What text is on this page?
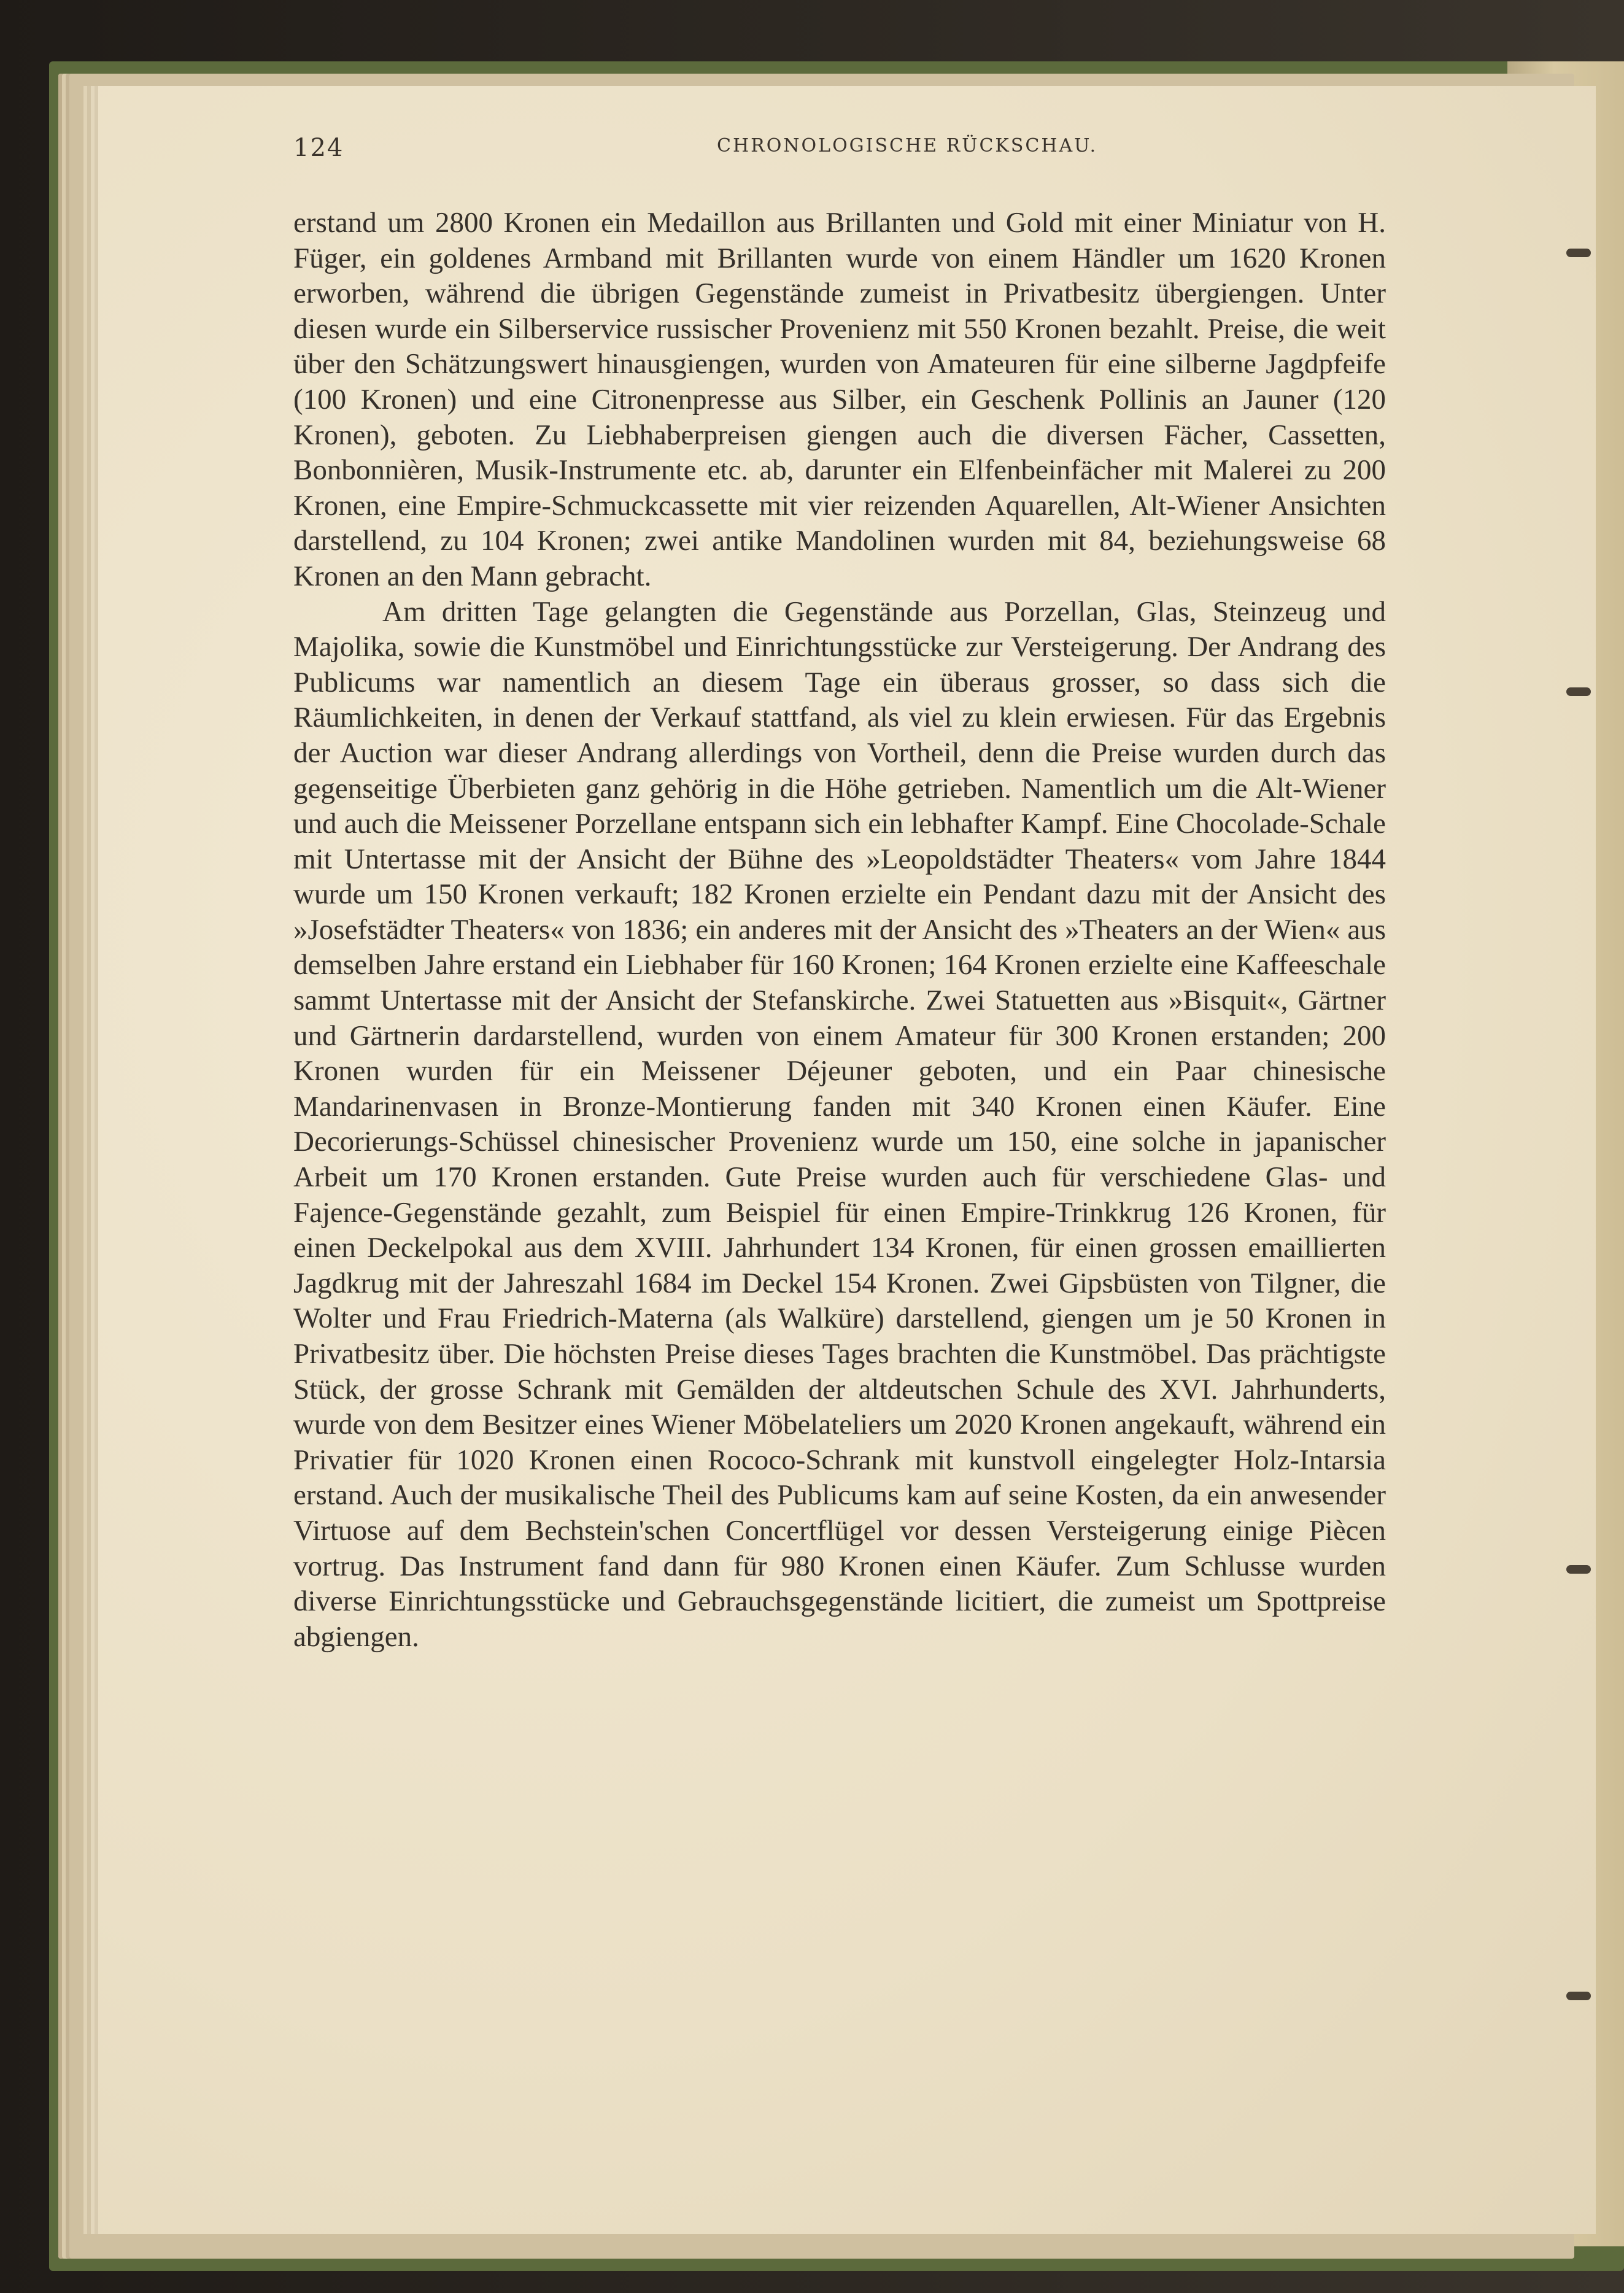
124	CHRONOLOGISCHE RÜCKSCHAU.

erstand um 2800 Kronen ein Medaillon aus Brillanten und Gold mit einer Miniatur von H. Füger, ein goldenes Armband mit Brillanten wurde von einem Händler um 1620 Kronen erworben, während die übrigen Gegenstände zumeist in Privatbesitz übergiengen. Unter diesen wurde ein Silberservice russischer Provenienz mit 550 Kronen bezahlt. Preise, die weit über den Schätzungswert hinausgiengen, wurden von Amateuren für eine silberne Jagdpfeife (100 Kronen) und eine Citronenpresse aus Silber, ein Geschenk Pollinis an Jauner (120 Kronen), geboten. Zu Liebhaberpreisen giengen auch die diversen Fächer, Cassetten, Bonbonnièren, Musik-Instrumente etc. ab, darunter ein Elfenbeinfächer mit Malerei zu 200 Kronen, eine Empire-Schmuckcassette mit vier reizenden Aquarellen, Alt-Wiener Ansichten darstellend, zu 104 Kronen; zwei antike Mandolinen wurden mit 84, beziehungsweise 68 Kronen an den Mann gebracht.

Am dritten Tage gelangten die Gegenstände aus Porzellan, Glas, Steinzeug und Majolika, sowie die Kunstmöbel und Einrichtungsstücke zur Versteigerung. Der Andrang des Publicums war namentlich an diesem Tage ein überaus grosser, so dass sich die Räumlichkeiten, in denen der Verkauf stattfand, als viel zu klein erwiesen. Für das Ergebnis der Auction war dieser Andrang allerdings von Vortheil, denn die Preise wurden durch das gegenseitige Überbieten ganz gehörig in die Höhe getrieben. Namentlich um die Alt-Wiener und auch die Meissener Porzellane entspann sich ein lebhafter Kampf. Eine Chocolade-Schale mit Untertasse mit der Ansicht der Bühne des »Leopoldstädter Theaters« vom Jahre 1844 wurde um 150 Kronen verkauft; 182 Kronen erzielte ein Pendant dazu mit der Ansicht des »Josefstädter Theaters« von 1836; ein anderes mit der Ansicht des »Theaters an der Wien« aus demselben Jahre erstand ein Liebhaber für 160 Kronen; 164 Kronen erzielte eine Kaffeeschale sammt Untertasse mit der Ansicht der Stefanskirche. Zwei Statuetten aus »Bisquit«, Gärtner und Gärtnerin dardarstellend, wurden von einem Amateur für 300 Kronen erstanden; 200 Kronen wurden für ein Meissener Déjeuner geboten, und ein Paar chinesische Mandarinenvasen in Bronze-Montierung fanden mit 340 Kronen einen Käufer. Eine Decorierungs-Schüssel chinesischer Provenienz wurde um 150, eine solche in japanischer Arbeit um 170 Kronen erstanden. Gute Preise wurden auch für verschiedene Glas- und Fajence-Gegenstände gezahlt, zum Beispiel für einen Empire-Trinkkrug 126 Kronen, für einen Deckelpokal aus dem XVIII. Jahrhundert 134 Kronen, für einen grossen emaillierten Jagdkrug mit der Jahreszahl 1684 im Deckel 154 Kronen. Zwei Gipsbüsten von Tilgner, die Wolter und Frau Friedrich-Materna (als Walküre) darstellend, giengen um je 50 Kronen in Privatbesitz über. Die höchsten Preise dieses Tages brachten die Kunstmöbel. Das prächtigste Stück, der grosse Schrank mit Gemälden der altdeutschen Schule des XVI. Jahrhunderts, wurde von dem Besitzer eines Wiener Möbelateliers um 2020 Kronen angekauft, während ein Privatier für 1020 Kronen einen Rococo-Schrank mit kunstvoll eingelegter Holz-Intarsia erstand. Auch der musikalische Theil des Publicums kam auf seine Kosten, da ein anwesender Virtuose auf dem Bechstein'schen Concertflügel vor dessen Versteigerung einige Piècen vortrug. Das Instrument fand dann für 980 Kronen einen Käufer. Zum Schlusse wurden diverse Einrichtungsstücke und Gebrauchsgegenstände licitiert, die zumeist um Spottpreise abgiengen.
